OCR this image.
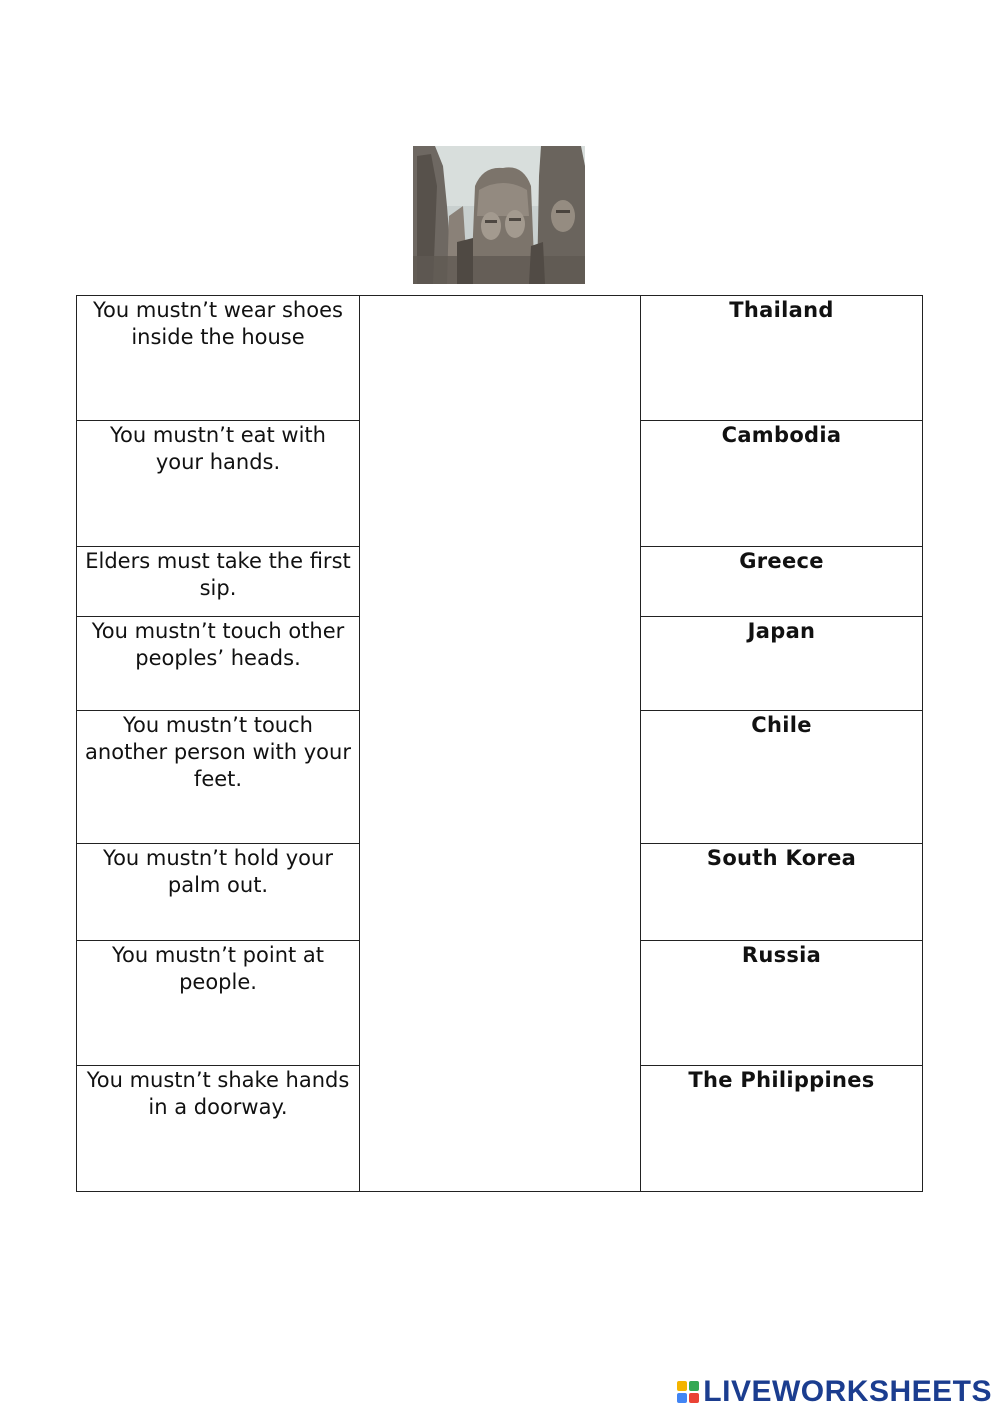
You mustn’t wear shoes inside the house		Thailand
You mustn’t eat with your hands.		Cambodia
Elders must take the first sip.		Greece
You mustn’t touch other peoples’ heads.		Japan
You mustn’t touch another person with your feet.		Chile
You mustn’t hold your palm out.		South Korea
You mustn’t point at people.		Russia
You mustn’t shake hands in a doorway.		The Philippines
LIVEWORKSHEETS
